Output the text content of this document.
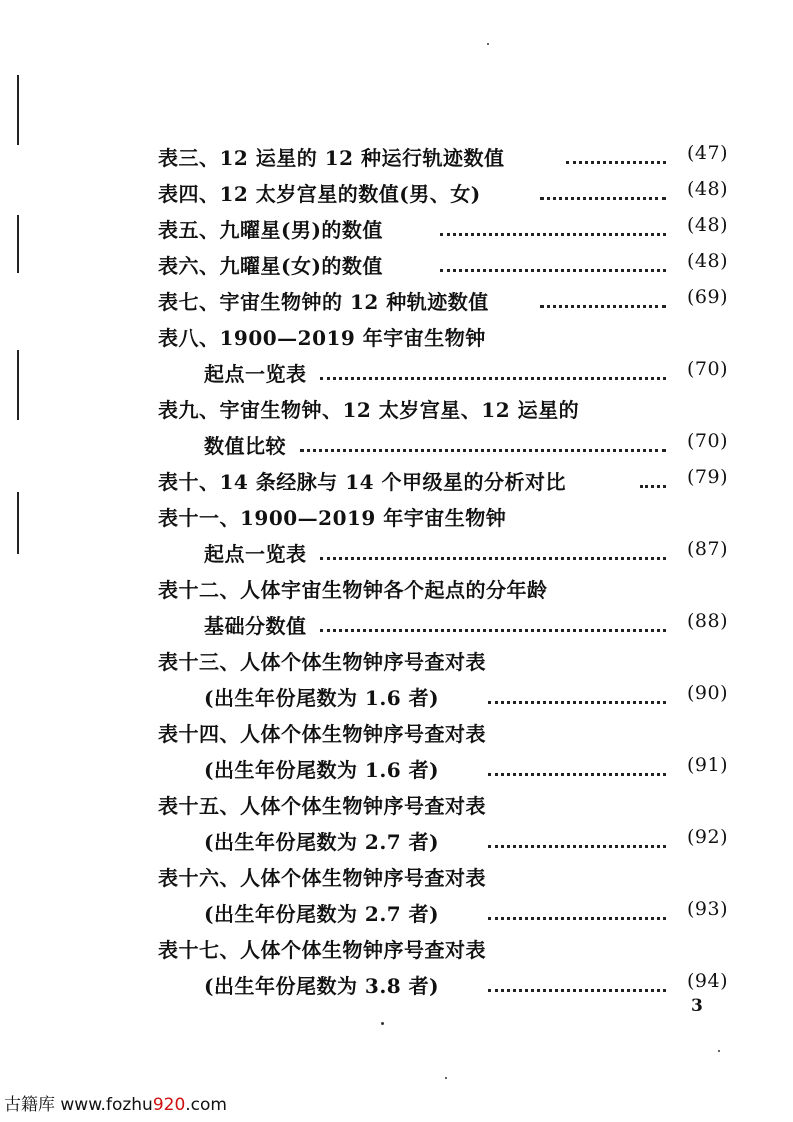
表三、12 运星的 12 种运行轨迹数值	(47)
表四、12 太岁宫星的数值(男、女)	(48)
表五、九曜星(男)的数值	(48)
表六、九曜星(女)的数值	(48)
表七、宇宙生物钟的 12 种轨迹数值	(69)
表八、1900—2019 年宇宙生物钟
起点一览表	(70)
表九、宇宙生物钟、12 太岁宫星、12 运星的
数值比较	(70)
表十、14 条经脉与 14 个甲级星的分析对比	(79)
表十一、1900—2019 年宇宙生物钟
起点一览表	(87)
表十二、人体宇宙生物钟各个起点的分年龄
基础分数值	(88)
表十三、人体个体生物钟序号查对表
(出生年份尾数为 1.6 者)	(90)
表十四、人体个体生物钟序号查对表
(出生年份尾数为 1.6 者)	(91)
表十五、人体个体生物钟序号查对表
(出生年份尾数为 2.7 者)	(92)
表十六、人体个体生物钟序号查对表
(出生年份尾数为 2.7 者)	(93)
表十七、人体个体生物钟序号查对表
(出生年份尾数为 3.8 者)	(94)
3
古籍库 www.fozhu920.com
